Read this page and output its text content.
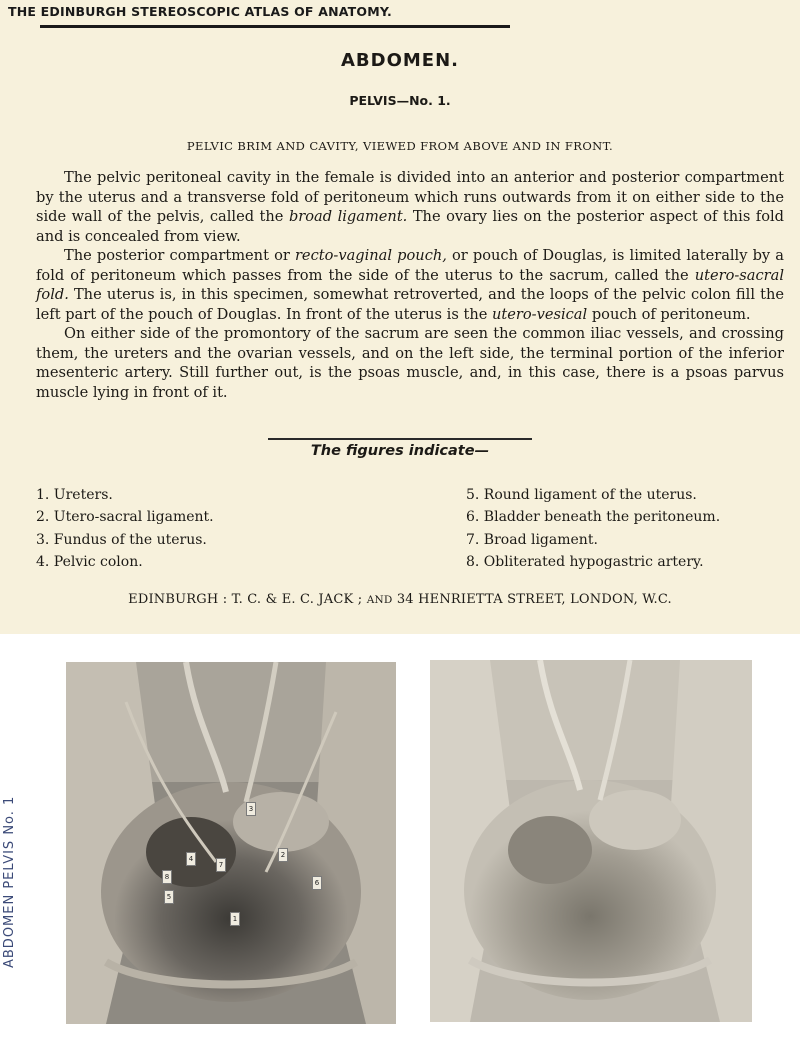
THE EDINBURGH STEREOSCOPIC ATLAS OF ANATOMY.
ABDOMEN.
PELVIS—No. 1.
PELVIC BRIM AND CAVITY, VIEWED FROM ABOVE AND IN FRONT.

The pelvic peritoneal cavity in the female is divided into an anterior and posterior compartment by the uterus and a transverse fold of peritoneum which runs outwards from it on either side to the side wall of the pelvis, called the broad ligament. The ovary lies on the posterior aspect of this fold and is concealed from view.

The posterior compartment or recto-vaginal pouch, or pouch of Douglas, is limited laterally by a fold of peritoneum which passes from the side of the uterus to the sacrum, called the utero-sacral fold. The uterus is, in this specimen, somewhat retroverted, and the loops of the pelvic colon fill the left part of the pouch of Douglas. In front of the uterus is the utero-vesical pouch of peritoneum.

On either side of the promontory of the sacrum are seen the common iliac vessels, and crossing them, the ureters and the ovarian vessels, and on the left side, the terminal portion of the inferior mesenteric artery. Still further out, is the psoas muscle, and, in this case, there is a psoas parvus muscle lying in front of it.

The figures indicate—
1. Ureters.
2. Utero-sacral ligament.
3. Fundus of the uterus.
4. Pelvic colon.
5. Round ligament of the uterus.
6. Bladder beneath the peritoneum.
7. Broad ligament.
8. Obliterated hypogastric artery.
EDINBURGH : T. C. & E. C. JACK ; AND 34 HENRIETTA STREET, LONDON, W.C.
ABDOMEN PELVIS No. 1	3
2
4
7
8
6
1
5
